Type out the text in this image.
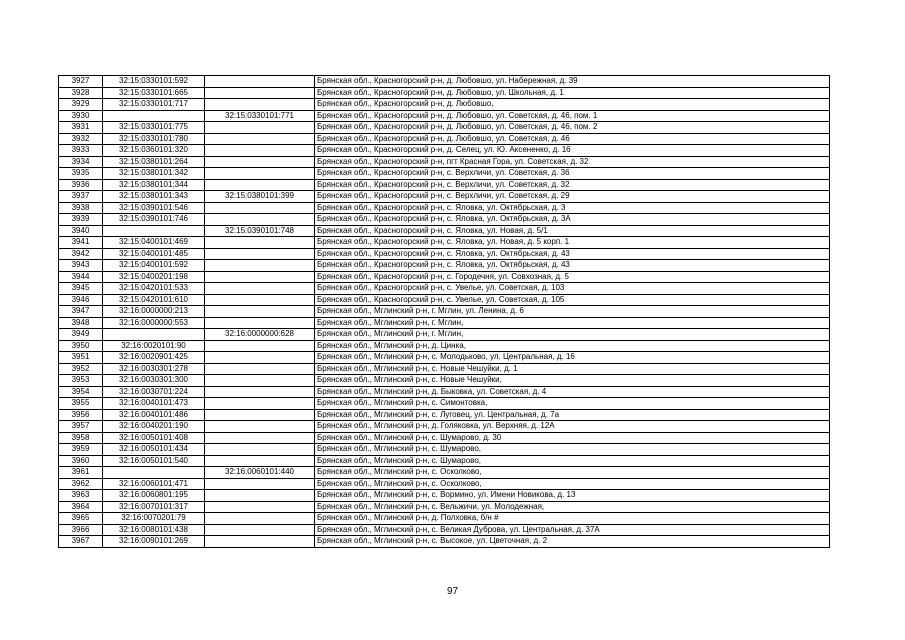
3927	32:15:0330101:592		Брянская обл., Красногорский р-н, д. Любовшо, ул. Набережная, д. 39
3928	32:15:0330101:665		Брянская обл., Красногорский р-н, д. Любовшо, ул. Школьная, д. 1
3929	32:15:0330101:717		Брянская обл., Красногорский р-н, д. Любовшо,
3930		32:15:0330101:771	Брянская обл., Красногорский р-н, д. Любовшо, ул. Советская, д. 46, пом. 1
3931	32:15:0330101:775		Брянская обл., Красногорский р-н, д. Любовшо, ул. Советская, д. 46, пом. 2
3932	32:15:0330101:780		Брянская обл., Красногорский р-н, д. Любовшо, ул. Советская, д. 46
3933	32:15:0360101:320		Брянская обл., Красногорский р-н, д. Селец, ул. Ю. Аксененко, д. 16
3934	32:15:0380101:264		Брянская обл., Красногорский р-н, пгт Красная Гора, ул. Советская, д. 32
3935	32:15:0380101:342		Брянская обл., Красногорский р-н, с. Верхличи, ул. Советская, д. 36
3936	32:15:0380101:344		Брянская обл., Красногорский р-н, с. Верхличи, ул. Советская, д. 32
3937	32:15:0380101:343	32:15:0380101:399	Брянская обл., Красногорский р-н, с. Верхличи, ул. Советская, д. 29
3938	32:15:0390101:546		Брянская обл., Красногорский р-н, с. Яловка, ул. Октябрьская, д. 3
3939	32:15:0390101:746		Брянская обл., Красногорский р-н, с. Яловка, ул. Октябрьская, д. 3А
3940		32:15:0390101:748	Брянская обл., Красногорский р-н, с. Яловка, ул. Новая, д. 5/1
3941	32:15:0400101:469		Брянская обл., Красногорский р-н, с. Яловка, ул. Новая, д. 5 корп. 1
3942	32:15:0400101:485		Брянская обл., Красногорский р-н, с. Яловка, ул. Октябрьская, д. 43
3943	32:15:0400101:592		Брянская обл., Красногорский р-н, с. Яловка, ул. Октябрьская, д. 43
3944	32:15:0400201:198		Брянская обл., Красногорский р-н, с. Городечня, ул. Совхозная, д. 5
3945	32:15:0420101:533		Брянская обл., Красногорский р-н, с. Увелье, ул. Советская, д. 103
3946	32:15:0420101:610		Брянская обл., Красногорский р-н, с. Увелье, ул. Советская, д. 105
3947	32:16:0000000:213		Брянская обл., Мглинский р-н, г. Мглин, ул. Ленина, д. 6
3948	32:16:0000000:553		Брянская обл., Мглинский р-н, г. Мглин,
3949		32:16:0000000:628	Брянская обл., Мглинский р-н, г. Мглин,
3950	32:16:0020101:90		Брянская обл., Мглинский р-н, д. Цинка,
3951	32:16:0020901:425		Брянская обл., Мглинский р-н, с. Молодьково, ул. Центральная, д. 16
3952	32:16:0030301:278		Брянская обл., Мглинский р-н, с. Новые Чешуйки, д. 1
3953	32:16:0030301:300		Брянская обл., Мглинский р-н, с. Новые Чешуйки,
3954	32:16:0030701:224		Брянская обл., Мглинский р-н, д. Быковка, ул. Советская, д. 4
3955	32:16:0040101:473		Брянская обл., Мглинский р-н, с. Симонтовка,
3956	32:16:0040101:486		Брянская обл., Мглинский р-н, с. Луговец, ул. Центральная, д. 7а
3957	32:16:0040201:190		Брянская обл., Мглинский р-н, д. Голяковка, ул. Верхняя, д. 12А
3958	32:16:0050101:408		Брянская обл., Мглинский р-н, с. Шумарово, д. 30
3959	32:16:0050101:434		Брянская обл., Мглинский р-н, с. Шумарово,
3960	32:16:0050101:540		Брянская обл., Мглинский р-н, с. Шумарово,
3961		32:16:0060101:440	Брянская обл., Мглинский р-н, с. Осколково,
3962	32:16:0060101:471		Брянская обл., Мглинский р-н, с. Осколково,
3963	32:16:0060801:195		Брянская обл., Мглинский р-н, с. Вормино, ул. Имени Новикова, д. 13
3964	32:16:0070101:317		Брянская обл., Мглинский р-н, с. Вельжичи, ул. Молодежная,
3965	32:16:0070201:79		Брянская обл., Мглинский р-н, д. Полховка, б/н #
3966	32:16:0080101:438		Брянская обл., Мглинский р-н, с. Великая Дуброва, ул. Центральная, д. 37А
3967	32:16:0090101:269		Брянская обл., Мглинский р-н, с. Высокое, ул. Цветочная, д. 2
97
